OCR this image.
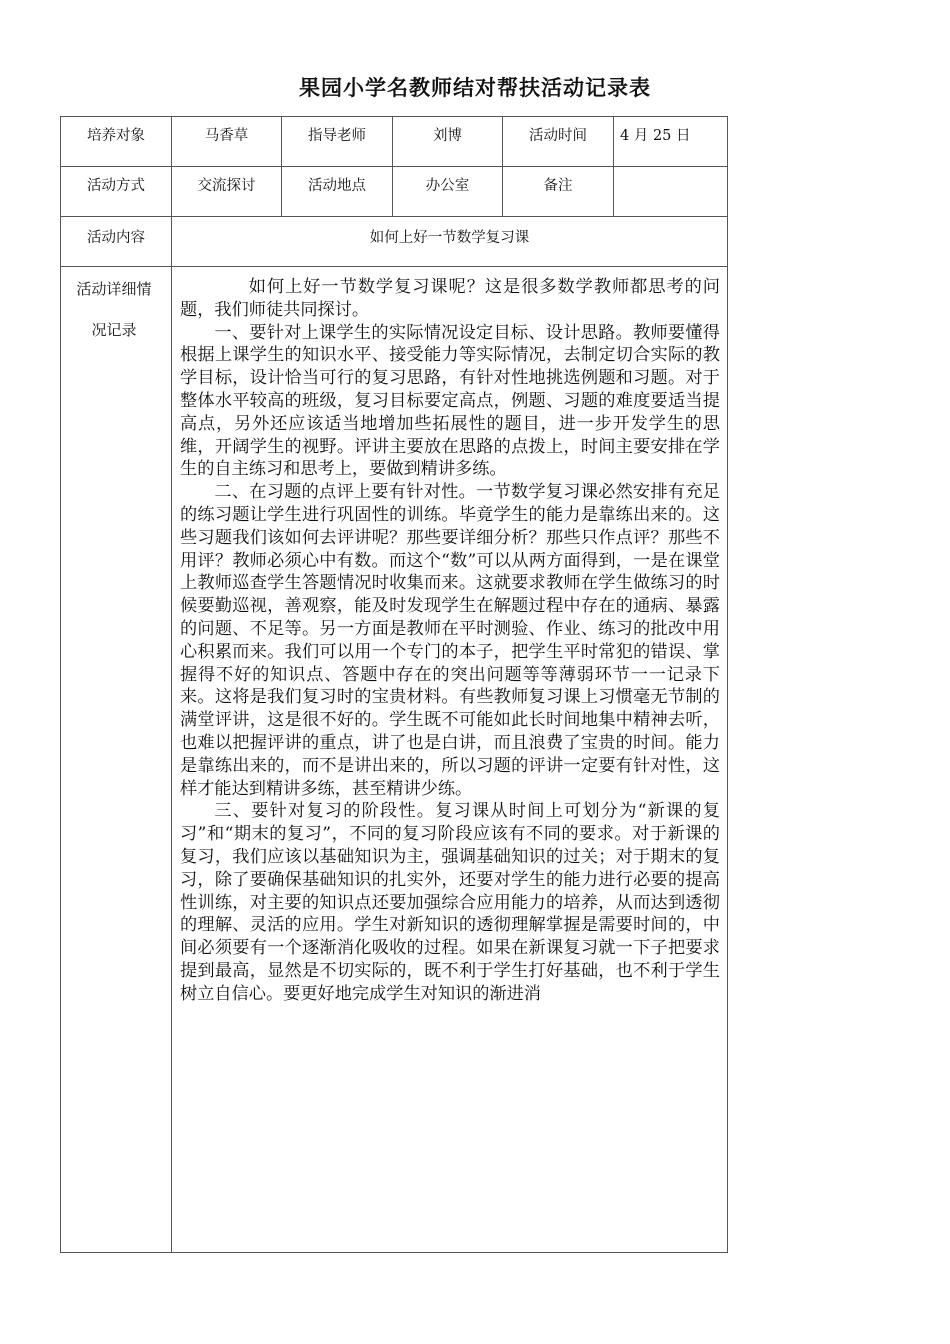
果园小学名教师结对帮扶活动记录表
培养对象	马香草	指导老师	刘博	活动时间	4 月 25 日
活动方式	交流探讨	活动地点	办公室	备注
活动内容	如何上好一节数学复习课
活动详细情
况记录

如何上好一节数学复习课呢？这是很多数学教师都思考的问题，我们师徒共同探讨。

一、要针对上课学生的实际情况设定目标、设计思路。教师要懂得根据上课学生的知识水平、接受能力等实际情况，去制定切合实际的教学目标，设计恰当可行的复习思路，有针对性地挑选例题和习题。对于整体水平较高的班级，复习目标要定高点，例题、习题的难度要适当提高点，另外还应该适当地增加些拓展性的题目，进一步开发学生的思维，开阔学生的视野。评讲主要放在思路的点拨上，时间主要安排在学生的自主练习和思考上，要做到精讲多练。

二、在习题的点评上要有针对性。一节数学复习课必然安排有充足的练习题让学生进行巩固性的训练。毕竟学生的能力是靠练出来的。这些习题我们该如何去评讲呢？那些要详细分析？那些只作点评？那些不用评？教师必须心中有数。而这个“数”可以从两方面得到，一是在课堂上教师巡查学生答题情况时收集而来。这就要求教师在学生做练习的时候要勤巡视，善观察，能及时发现学生在解题过程中存在的通病、暴露的问题、不足等。另一方面是教师在平时测验、作业、练习的批改中用心积累而来。我们可以用一个专门的本子，把学生平时常犯的错误、掌握得不好的知识点、答题中存在的突出问题等等薄弱环节一一记录下来。这将是我们复习时的宝贵材料。有些教师复习课上习惯毫无节制的满堂评讲，这是很不好的。学生既不可能如此长时间地集中精神去听，也难以把握评讲的重点，讲了也是白讲，而且浪费了宝贵的时间。能力是靠练出来的，而不是讲出来的，所以习题的评讲一定要有针对性，这样才能达到精讲多练，甚至精讲少练。

三、要针对复习的阶段性。复习课从时间上可划分为“新课的复习”和“期末的复习”，不同的复习阶段应该有不同的要求。对于新课的复习，我们应该以基础知识为主，强调基础知识的过关；对于期末的复习，除了要确保基础知识的扎实外，还要对学生的能力进行必要的提高性训练，对主要的知识点还要加强综合应用能力的培养，从而达到透彻的理解、灵活的应用。学生对新知识的透彻理解掌握是需要时间的，中间必须要有一个逐渐消化吸收的过程。如果在新课复习就一下子把要求提到最高，显然是不切实际的，既不利于学生打好基础，也不利于学生树立自信心。要更好地完成学生对知识的渐进消
